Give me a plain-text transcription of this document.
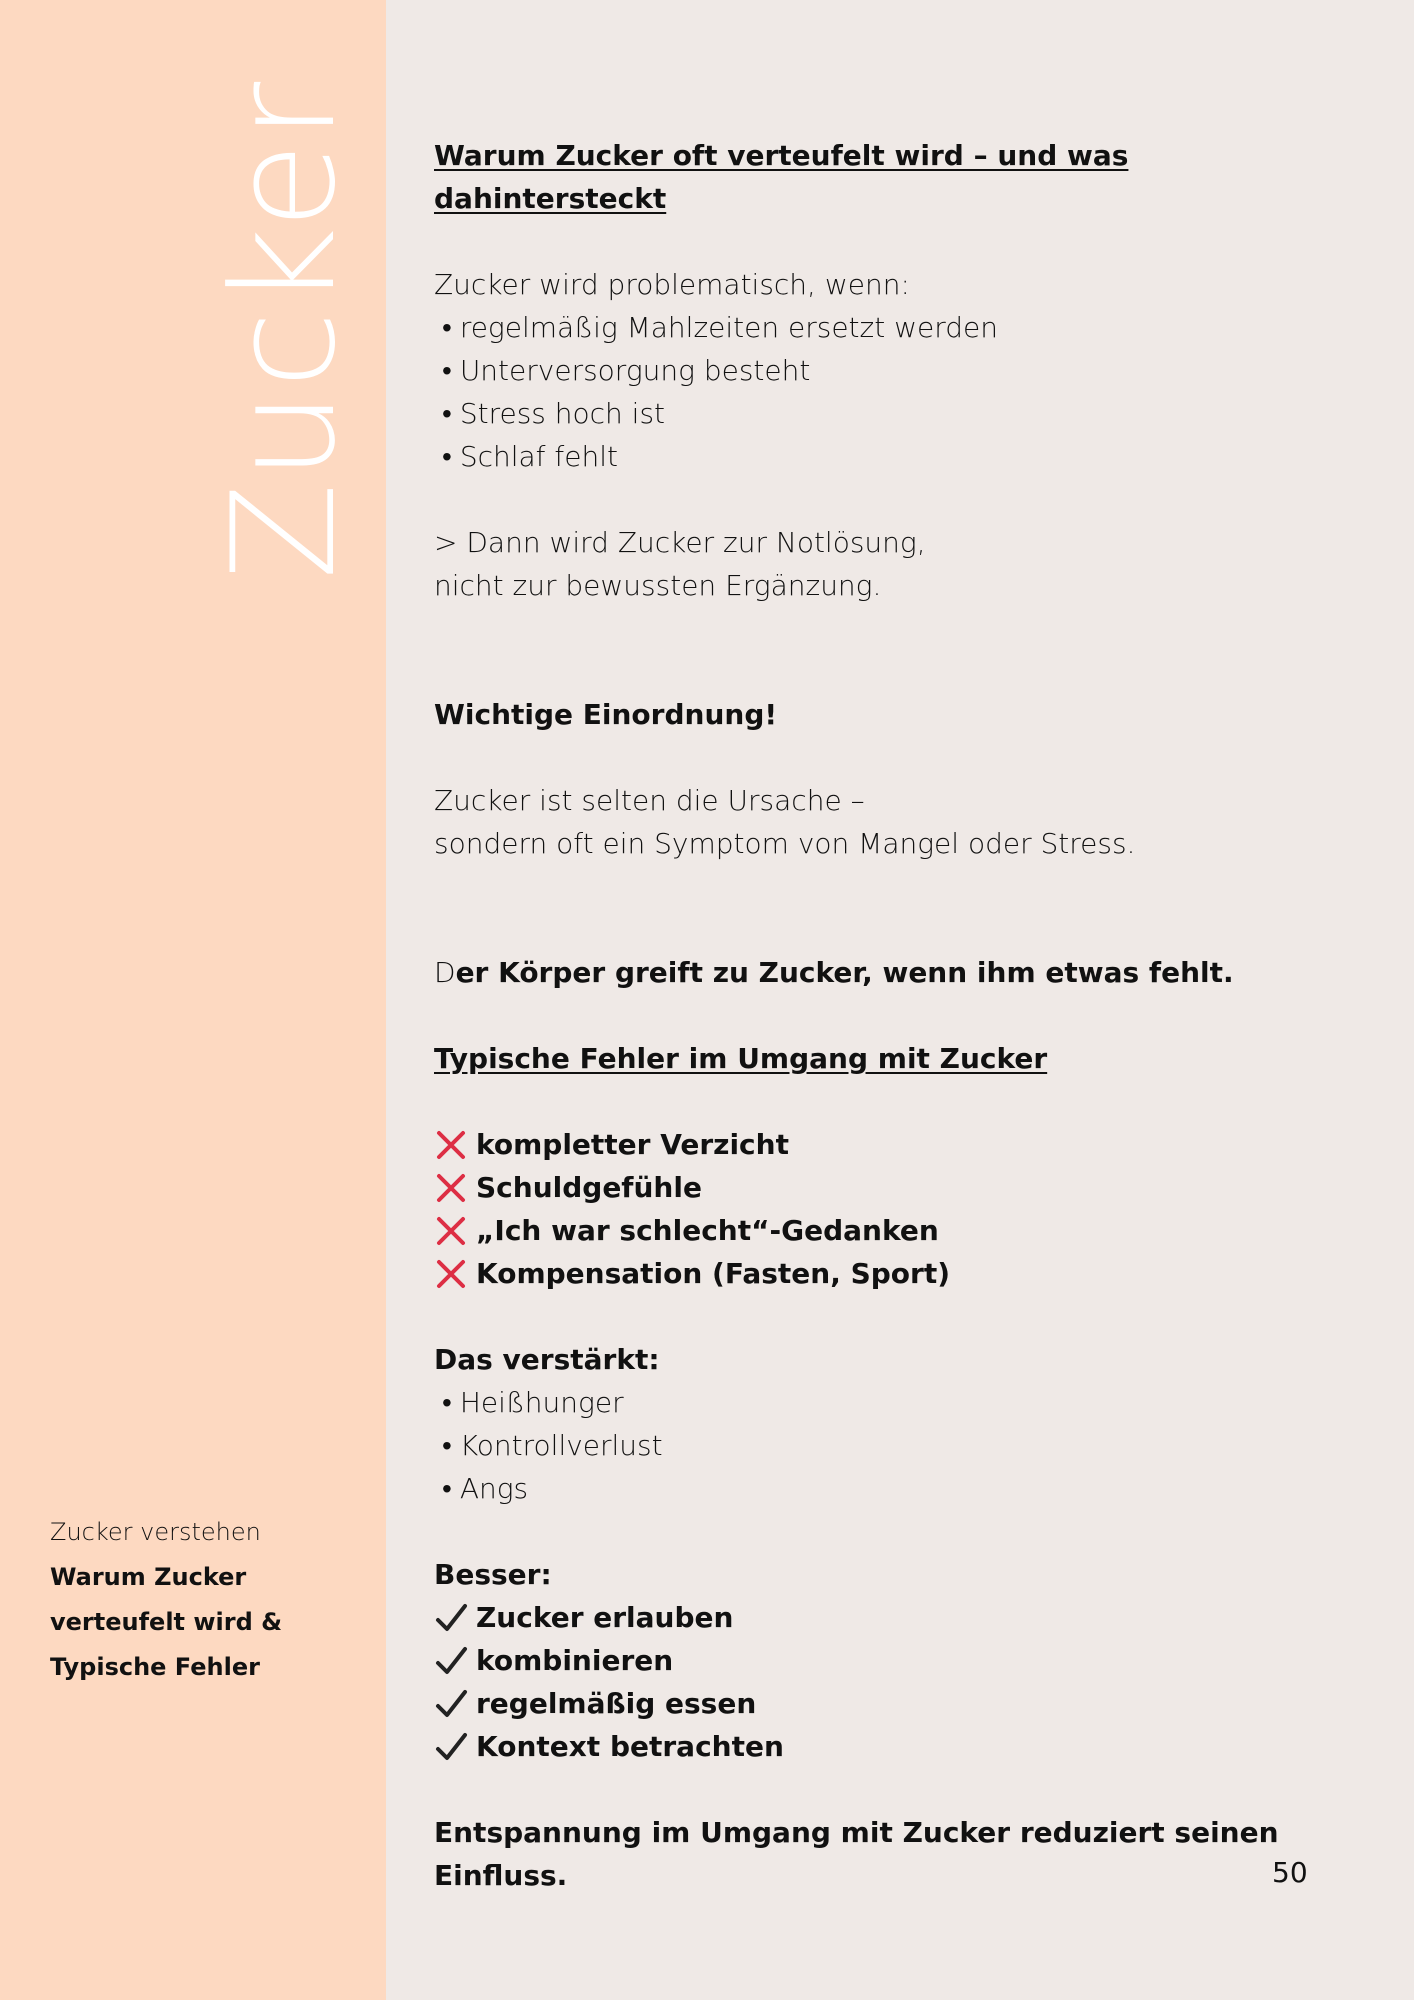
Zucker
Zucker verstehen
Warum Zucker
verteufelt wird &
Typische Fehler

Warum Zucker oft verteufelt wird – und was
dahintersteckt

Zucker wird problematisch, wenn:

• regelmäßig Mahlzeiten ersetzt werden
• Unterversorgung besteht
• Stress hoch ist
• Schlaf fehlt

> Dann wird Zucker zur Notlösung,
nicht zur bewussten Ergänzung.

Wichtige Einordnung!

Zucker ist selten die Ursache –
sondern oft ein Symptom von Mangel oder Stress.

Der Körper greift zu Zucker, wenn ihm etwas fehlt.

Typische Fehler im Umgang mit Zucker

kompletter Verzicht
Schuldgefühle
„Ich war schlecht“-Gedanken
Kompensation (Fasten, Sport)

Das verstärkt:

• Heißhunger
• Kontrollverlust
• Angs

Besser:

Zucker erlauben
kombinieren
regelmäßig essen
Kontext betrachten

Entspannung im Umgang mit Zucker reduziert seinen
Einfluss.	50
